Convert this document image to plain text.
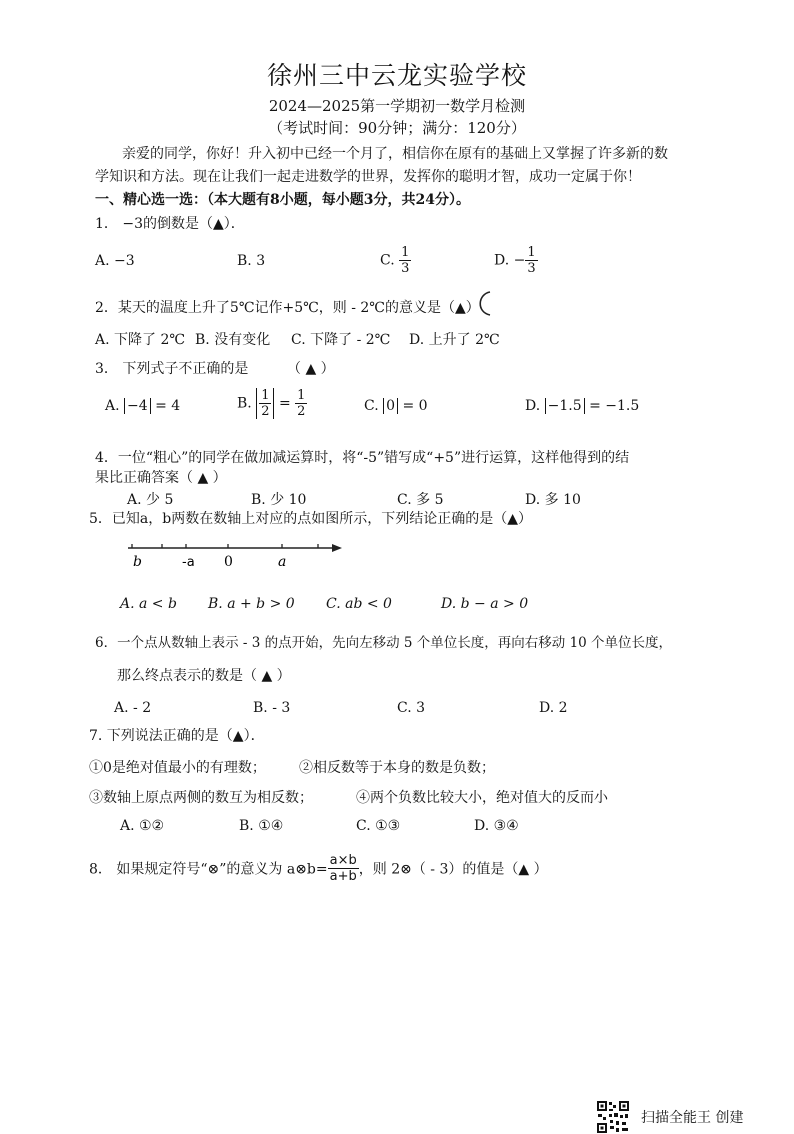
徐州三中云龙实验学校
2024—2025第一学期初一数学月检测
（考试时间：90分钟；满分：120分）
亲爱的同学，你好！升入初中已经一个月了，相信你在原有的基础上又掌握了许多新的数
学知识和方法。现在让我们一起走进数学的世界，发挥你的聪明才智，成功一定属于你！
一、精心选一选：（本大题有8小题，每小题3分，共24分）。
1． −3的倒数是（▲）．
A. −3	B. 3	C. $\frac{1}{3}$	D. − $\frac{1}{3}$
2．某天的温度上升了5℃记作+5℃，则 - 2℃的意义是（▲）
A. 下降了 2℃ B. 没有变化 C. 下降了 - 2℃ D. 上升了 2℃
3． 下列式子不正确的是	（ ▲ ）
A. −4 = 4	B. $\frac{1}{2} = \frac{1}{2}$	C. 0 = 0	D. −1.5 = −1.5
4．一位“粗心”的同学在做加减运算时，将“-5”错写成“+5”进行运算，这样他得到的结
果比正确答案（ ▲ ）
A. 少 5	B. 少 10	C. 多 5	D. 多 10
5．已知a，b两数在数轴上对应的点如图所示，下列结论正确的是（▲）
b	-a 0	a
A. a < b B. a + b > 0 C. ab < 0	D. b − a > 0
6．一个点从数轴上表示 - 3 的点开始，先向左移动 5 个单位长度，再向右移动 10 个单位长度，
那么终点表示的数是（ ▲ ）
A. - 2	B. - 3	C. 3	D. 2
7. 下列说法正确的是（▲）．
①0是绝对值最小的有理数； ②相反数等于本身的数是负数；
③数轴上原点两侧的数互为相反数；	④两个负数比较大小，绝对值大的反而小
A. ①②	B. ①④	C. ①③	D. ③④
8． 如果规定符号“⊗”的意义为 a⊗b= $\frac{a\times b}{a+b}$ ，则 2⊗（ - 3）的值是（▲ ）
扫描全能王 创建
